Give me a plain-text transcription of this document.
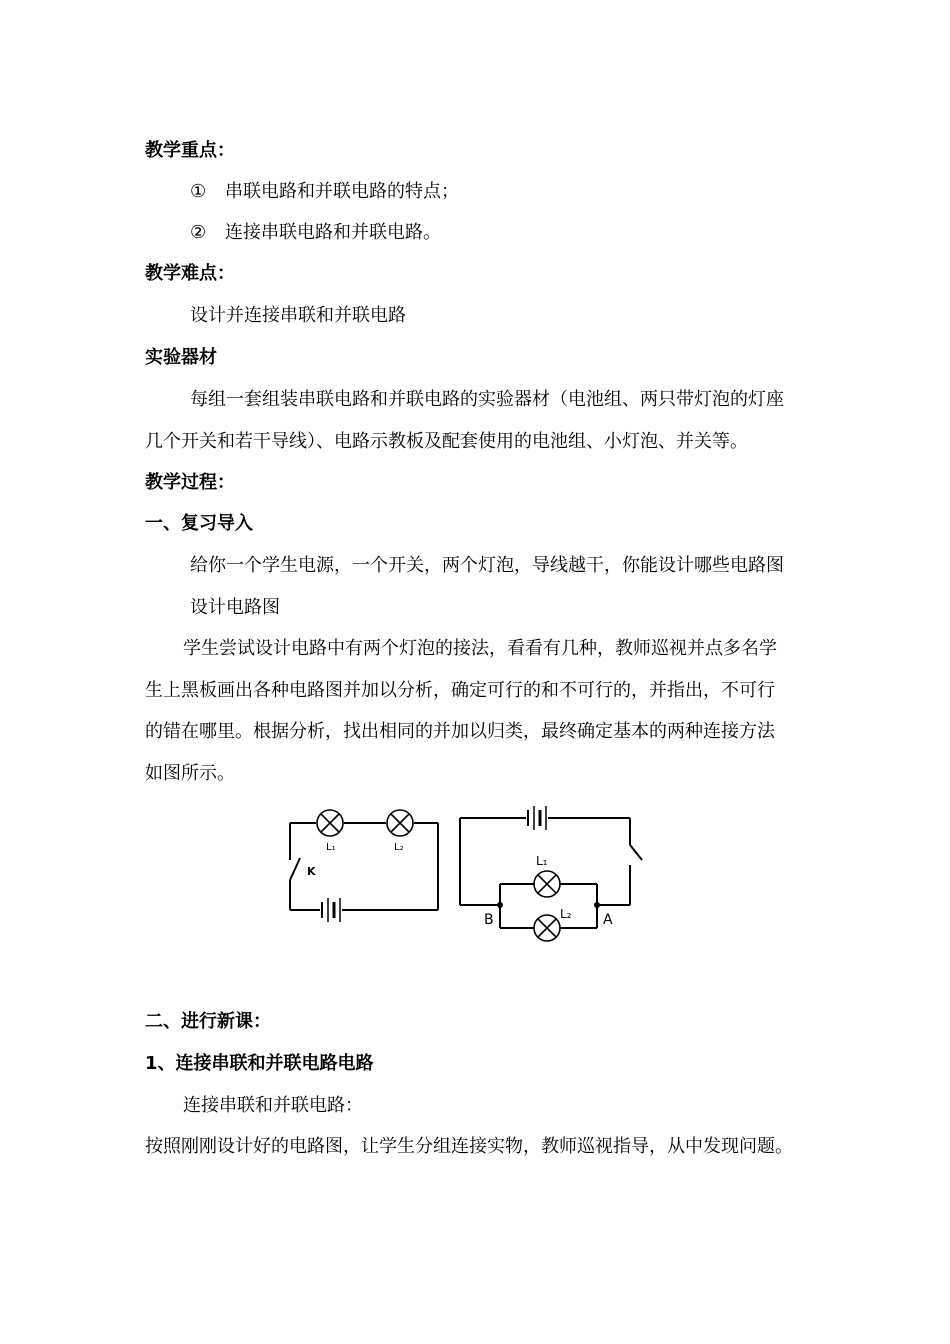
教学重点：
① 串联电路和并联电路的特点；
② 连接串联电路和并联电路。
教学难点：
设计并连接串联和并联电路
实验器材
每组一套组装串联电路和并联电路的实验器材（电池组、两只带灯泡的灯座
几个开关和若干导线）、电路示教板及配套使用的电池组、小灯泡、并关等。
教学过程：
一、复习导入
给你一个学生电源，一个开关，两个灯泡，导线越干，你能设计哪些电路图
设计电路图
学生尝试设计电路中有两个灯泡的接法，看看有几种，教师巡视并点多名学
生上黑板画出各种电路图并加以分析，确定可行的和不可行的，并指出，不可行
的错在哪里。根据分析，找出相同的并加以归类，最终确定基本的两种连接方法
如图所示。
L₁	L₂
K
L₁
L₂
B	A
二、进行新课：
1、连接串联和并联电路电路
连接串联和并联电路：
按照刚刚设计好的电路图，让学生分组连接实物，教师巡视指导，从中发现问题。
